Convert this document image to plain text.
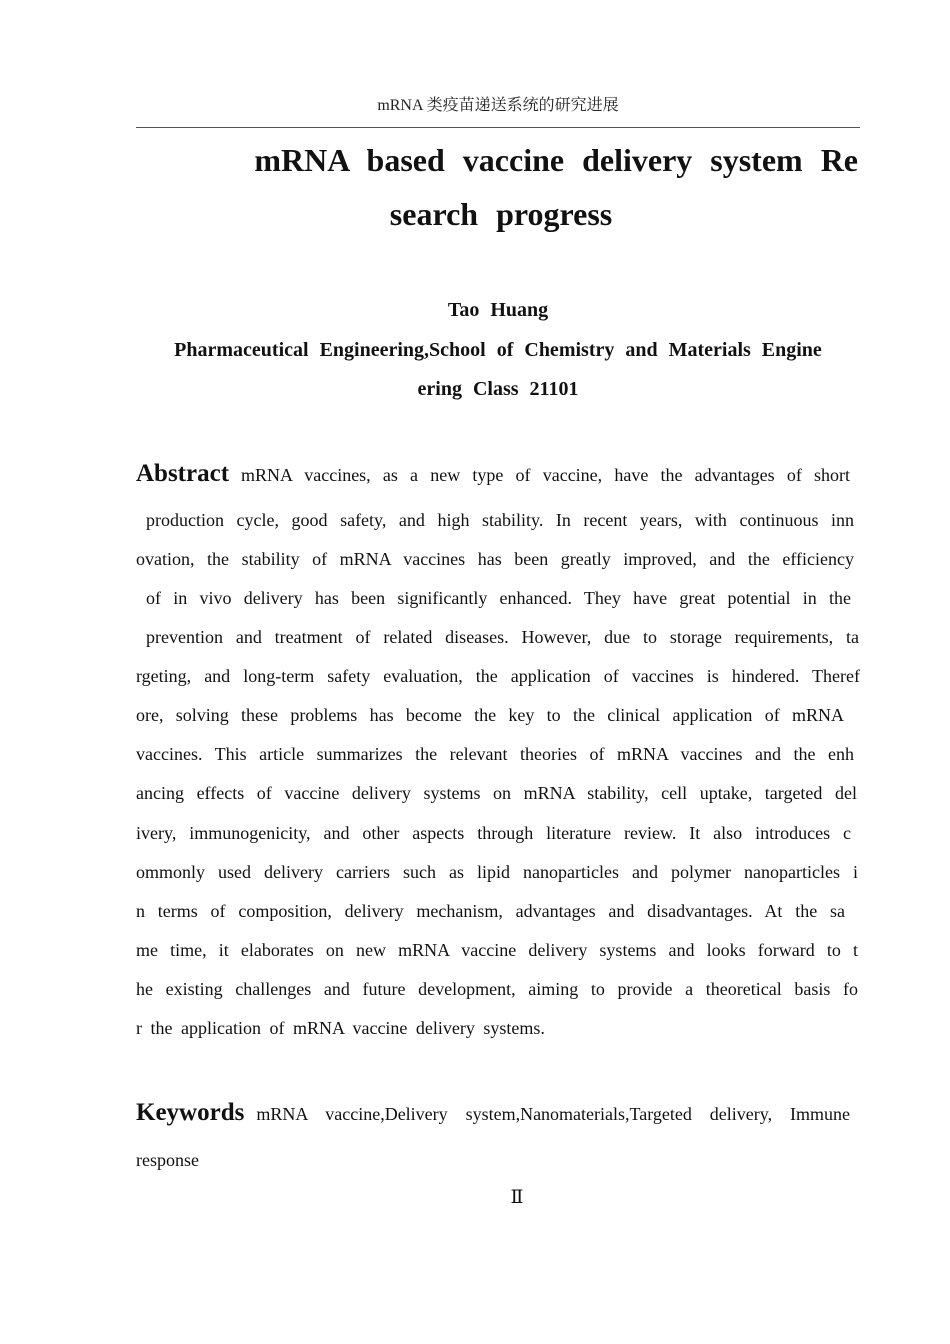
mRNA 类疫苗递送系统的研究进展
mRNA based vaccine delivery system Re
search progress
Tao Huang
Pharmaceutical Engineering,School of Chemistry and Materials Engine
ering Class 21101
Abstract mRNA vaccines, as a new type of vaccine, have the advantages of short
production cycle, good safety, and high stability. In recent years, with continuous inn
ovation, the stability of mRNA vaccines has been greatly improved, and the efficiency
of in vivo delivery has been significantly enhanced. They have great potential in the
prevention and treatment of related diseases. However, due to storage requirements, ta
rgeting, and long-term safety evaluation, the application of vaccines is hindered. Theref
ore, solving these problems has become the key to the clinical application of mRNA
vaccines. This article summarizes the relevant theories of mRNA vaccines and the enh
ancing effects of vaccine delivery systems on mRNA stability, cell uptake, targeted del
ivery, immunogenicity, and other aspects through literature review. It also introduces c
ommonly used delivery carriers such as lipid nanoparticles and polymer nanoparticles i
n terms of composition, delivery mechanism, advantages and disadvantages. At the sa
me time, it elaborates on new mRNA vaccine delivery systems and looks forward to t
he existing challenges and future development, aiming to provide a theoretical basis fo
r the application of mRNA vaccine delivery systems.
Keywords mRNA vaccine,Delivery system,Nanomaterials,Targeted delivery, Immune
response
Ⅱ
